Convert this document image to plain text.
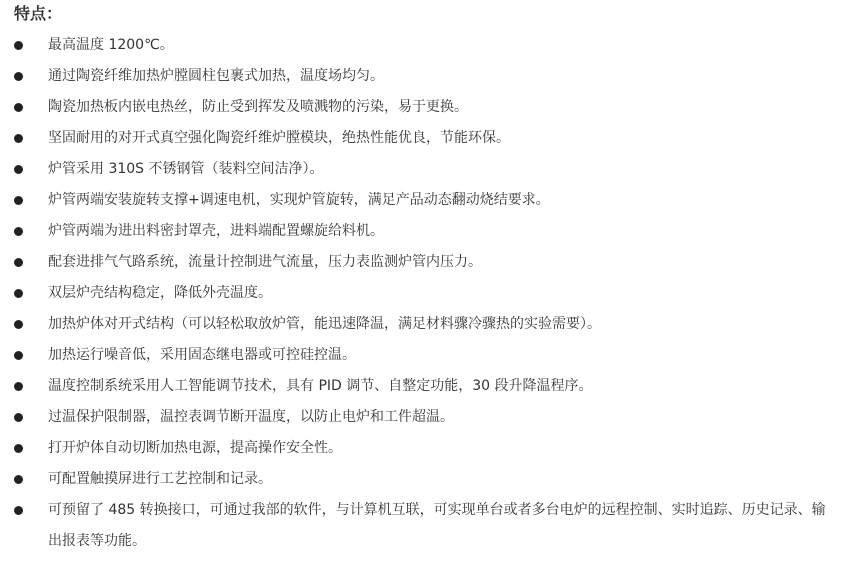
特点：
最高温度 1200℃。
通过陶瓷纤维加热炉膛圆柱包裹式加热，温度场均匀。
陶瓷加热板内嵌电热丝，防止受到挥发及喷溅物的污染，易于更换。
坚固耐用的对开式真空强化陶瓷纤维炉膛模块，绝热性能优良，节能环保。
炉管采用 310S 不锈钢管（装料空间洁净）。
炉管两端安装旋转支撑+调速电机，实现炉管旋转，满足产品动态翻动烧结要求。
炉管两端为进出料密封罩壳，进料端配置螺旋给料机。
配套进排气气路系统，流量计控制进气流量，压力表监测炉管内压力。
双层炉壳结构稳定，降低外壳温度。
加热炉体对开式结构（可以轻松取放炉管，能迅速降温，满足材料骤冷骤热的实验需要）。
加热运行噪音低，采用固态继电器或可控硅控温。
温度控制系统采用人工智能调节技术，具有 PID 调节、自整定功能，30 段升降温程序。
过温保护限制器，温控表调节断开温度，以防止电炉和工件超温。
打开炉体自动切断加热电源，提高操作安全性。
可配置触摸屏进行工艺控制和记录。
可预留了 485 转换接口，可通过我部的软件，与计算机互联，可实现单台或者多台电炉的远程控制、实时追踪、历史记录、输出报表等功能。
